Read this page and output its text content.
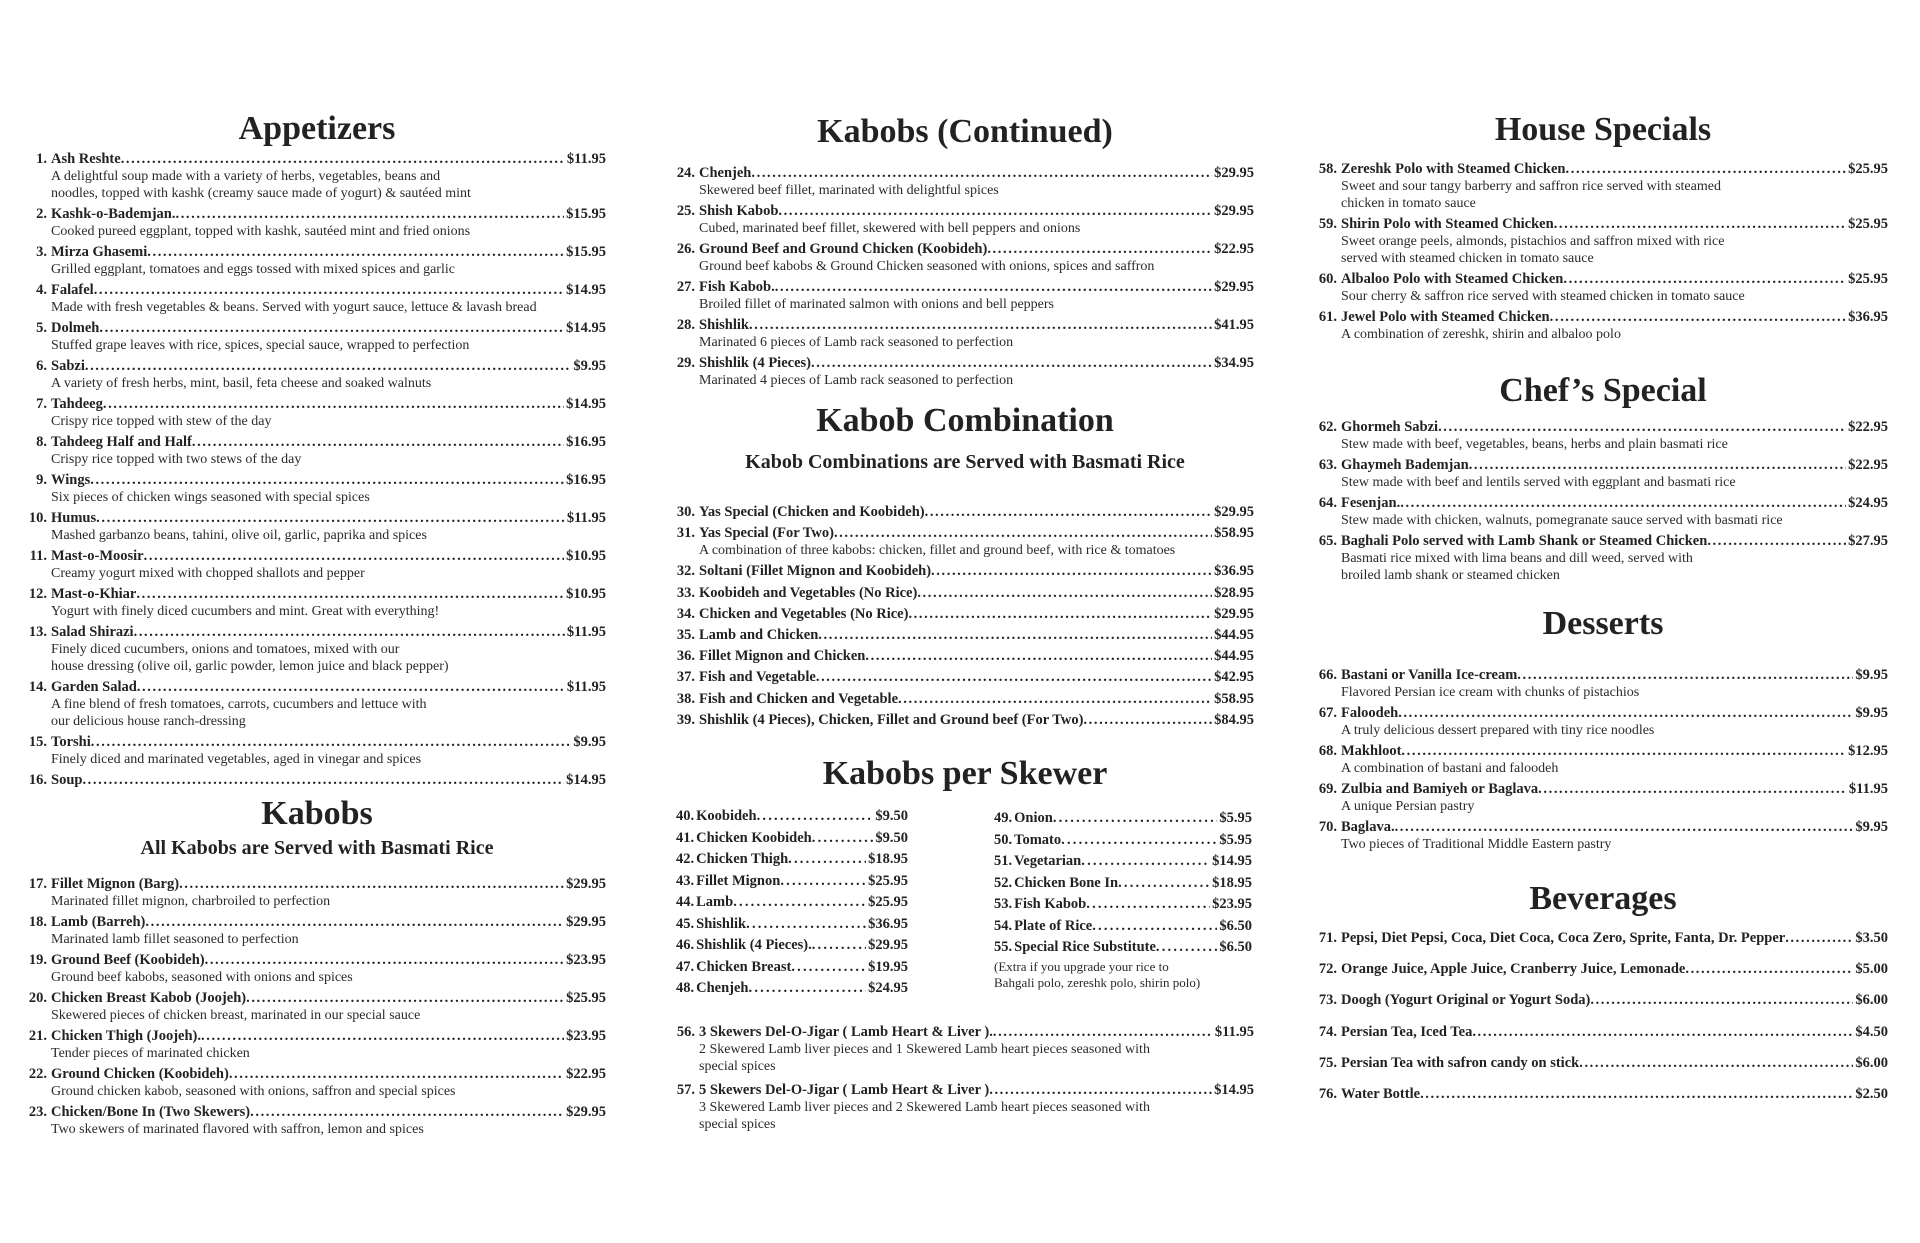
Appetizers
1. Ash Reshte .....	$11.95
A delightful soup made with a variety of herbs, vegetables, beans and
noodles, topped with kashk (creamy sauce made of yogurt) & sautéed mint
2. Kashk-o-Bademjan. .....	$15.95
Cooked pureed eggplant, topped with kashk, sautéed mint and fried onions
3. Mirza Ghasemi .....	$15.95
Grilled eggplant, tomatoes and eggs tossed with mixed spices and garlic
4. Falafel .....	$14.95
Made with fresh vegetables & beans. Served with yogurt sauce, lettuce & lavash bread
5. Dolmeh .....	$14.95
Stuffed grape leaves with rice, spices, special sauce, wrapped to perfection
6. Sabzi .....	$9.95
A variety of fresh herbs, mint, basil, feta cheese and soaked walnuts
7. Tahdeeg .....	$14.95
Crispy rice topped with stew of the day
8. Tahdeeg Half and Half .....	$16.95
Crispy rice topped with two stews of the day
9. Wings .....	$16.95
Six pieces of chicken wings seasoned with special spices
10. Humus .....	$11.95
Mashed garbanzo beans, tahini, olive oil, garlic, paprika and spices
11. Mast-o-Moosir .....	$10.95
Creamy yogurt mixed with chopped shallots and pepper
12. Mast-o-Khiar .....	$10.95
Yogurt with finely diced cucumbers and mint. Great with everything!
13. Salad Shirazi .....	$11.95
Finely diced cucumbers, onions and tomatoes, mixed with our
house dressing (olive oil, garlic powder, lemon juice and black pepper)
14. Garden Salad .....	$11.95
A fine blend of fresh tomatoes, carrots, cucumbers and lettuce with
our delicious house ranch-dressing
15. Torshi .....	$9.95
Finely diced and marinated vegetables, aged in vinegar and spices
16. Soup .....	$14.95
Kabobs
All Kabobs are Served with Basmati Rice
17. Fillet Mignon (Barg) .....	$29.95
Marinated fillet mignon, charbroiled to perfection
18. Lamb (Barreh) .....	$29.95
Marinated lamb fillet seasoned to perfection
19. Ground Beef (Koobideh) .....	$23.95
Ground beef kabobs, seasoned with onions and spices
20. Chicken Breast Kabob (Joojeh) .....	$25.95
Skewered pieces of chicken breast, marinated in our special sauce
21. Chicken Thigh (Joojeh). .....	$23.95
Tender pieces of marinated chicken
22. Ground Chicken (Koobideh) .....	$22.95
Ground chicken kabob, seasoned with onions, saffron and special spices
23. Chicken/Bone In (Two Skewers) .....	$29.95
Two skewers of marinated flavored with saffron, lemon and spices
Kabobs (Continued)
24. Chenjeh .....	$29.95
Skewered beef fillet, marinated with delightful spices
25. Shish Kabob .....	$29.95
Cubed, marinated beef fillet, skewered with bell peppers and onions
26. Ground Beef and Ground Chicken (Koobideh) .....	$22.95
Ground beef kabobs & Ground Chicken seasoned with onions, spices and saffron
27. Fish Kabob. .....	$29.95
Broiled fillet of marinated salmon with onions and bell peppers
28. Shishlik .....	$41.95
Marinated 6 pieces of Lamb rack seasoned to perfection
29. Shishlik (4 Pieces) .....	$34.95
Marinated 4 pieces of Lamb rack seasoned to perfection
Kabob Combination
Kabob Combinations are Served with Basmati Rice
30. Yas Special (Chicken and Koobideh) .....	$29.95
31. Yas Special (For Two) .....	$58.95
A combination of three kabobs: chicken, fillet and ground beef, with rice & tomatoes
32. Soltani (Fillet Mignon and Koobideh) .....	$36.95
33. Koobideh and Vegetables (No Rice) .....	$28.95
34. Chicken and Vegetables (No Rice) .....	$29.95
35. Lamb and Chicken .....	$44.95
36. Fillet Mignon and Chicken .....	$44.95
37. Fish and Vegetable .....	$42.95
38. Fish and Chicken and Vegetable .....	$58.95
39. Shishlik (4 Pieces), Chicken, Fillet and Ground beef (For Two) .....	$84.95
Kabobs per Skewer
40. Koobideh .....	$9.50
41. Chicken Koobideh .....	$9.50
42. Chicken Thigh .....	$18.95
43. Fillet Mignon .....	$25.95
44. Lamb .....	$25.95
45. Shishlik .....	$36.95
46. Shishlik (4 Pieces). .....	$29.95
47. Chicken Breast .....	$19.95
48. Chenjeh .....	$24.95
49. Onion .....	$5.95
50. Tomato .....	$5.95
51. Vegetarian .....	$14.95
52. Chicken Bone In .....	$18.95
53. Fish Kabob .....	$23.95
54. Plate of Rice .....	$6.50
55. Special Rice Substitute .....	$6.50
(Extra if you upgrade your rice to
Bahgali polo, zereshk polo, shirin polo)
56. 3 Skewers Del-O-Jigar ( Lamb Heart & Liver ). .....	$11.95
2 Skewered Lamb liver pieces and 1 Skewered Lamb heart pieces seasoned with
special spices
57. 5 Skewers Del-O-Jigar ( Lamb Heart & Liver ) .....	$14.95
3 Skewered Lamb liver pieces and 2 Skewered Lamb heart pieces seasoned with
special spices
House Specials
58. Zereshk Polo with Steamed Chicken .....	$25.95
Sweet and sour tangy barberry and saffron rice served with steamed
chicken in tomato sauce
59. Shirin Polo with Steamed Chicken .....	$25.95
Sweet orange peels, almonds, pistachios and saffron mixed with rice
served with steamed chicken in tomato sauce
60. Albaloo Polo with Steamed Chicken .....	$25.95
Sour cherry & saffron rice served with steamed chicken in tomato sauce
61. Jewel Polo with Steamed Chicken .....	$36.95
A combination of zereshk, shirin and albaloo polo
Chef’s Special
62. Ghormeh Sabzi .....	$22.95
Stew made with beef, vegetables, beans, herbs and plain basmati rice
63. Ghaymeh Bademjan .....	$22.95
Stew made with beef and lentils served with eggplant and basmati rice
64. Fesenjan. .....	$24.95
Stew made with chicken, walnuts, pomegranate sauce served with basmati rice
65. Baghali Polo served with Lamb Shank or Steamed Chicken .....	$27.95
Basmati rice mixed with lima beans and dill weed, served with
broiled lamb shank or steamed chicken
Desserts
66. Bastani or Vanilla Ice-cream .....	$9.95
Flavored Persian ice cream with chunks of pistachios
67. Faloodeh .....	$9.95
A truly delicious dessert prepared with tiny rice noodles
68. Makhloot .....	$12.95
A combination of bastani and faloodeh
69. Zulbia and Bamiyeh or Baglava .....	$11.95
A unique Persian pastry
70. Baglava. .....	$9.95
Two pieces of Traditional Middle Eastern pastry
Beverages
71. Pepsi, Diet Pepsi, Coca, Diet Coca, Coca Zero, Sprite, Fanta, Dr. Pepper .....	$3.50
72. Orange Juice, Apple Juice, Cranberry Juice, Lemonade .....	$5.00
73. Doogh (Yogurt Original or Yogurt Soda) .....	$6.00
74. Persian Tea, Iced Tea .....	$4.50
75. Persian Tea with safron candy on stick .....	$6.00
76. Water Bottle .....	$2.50
